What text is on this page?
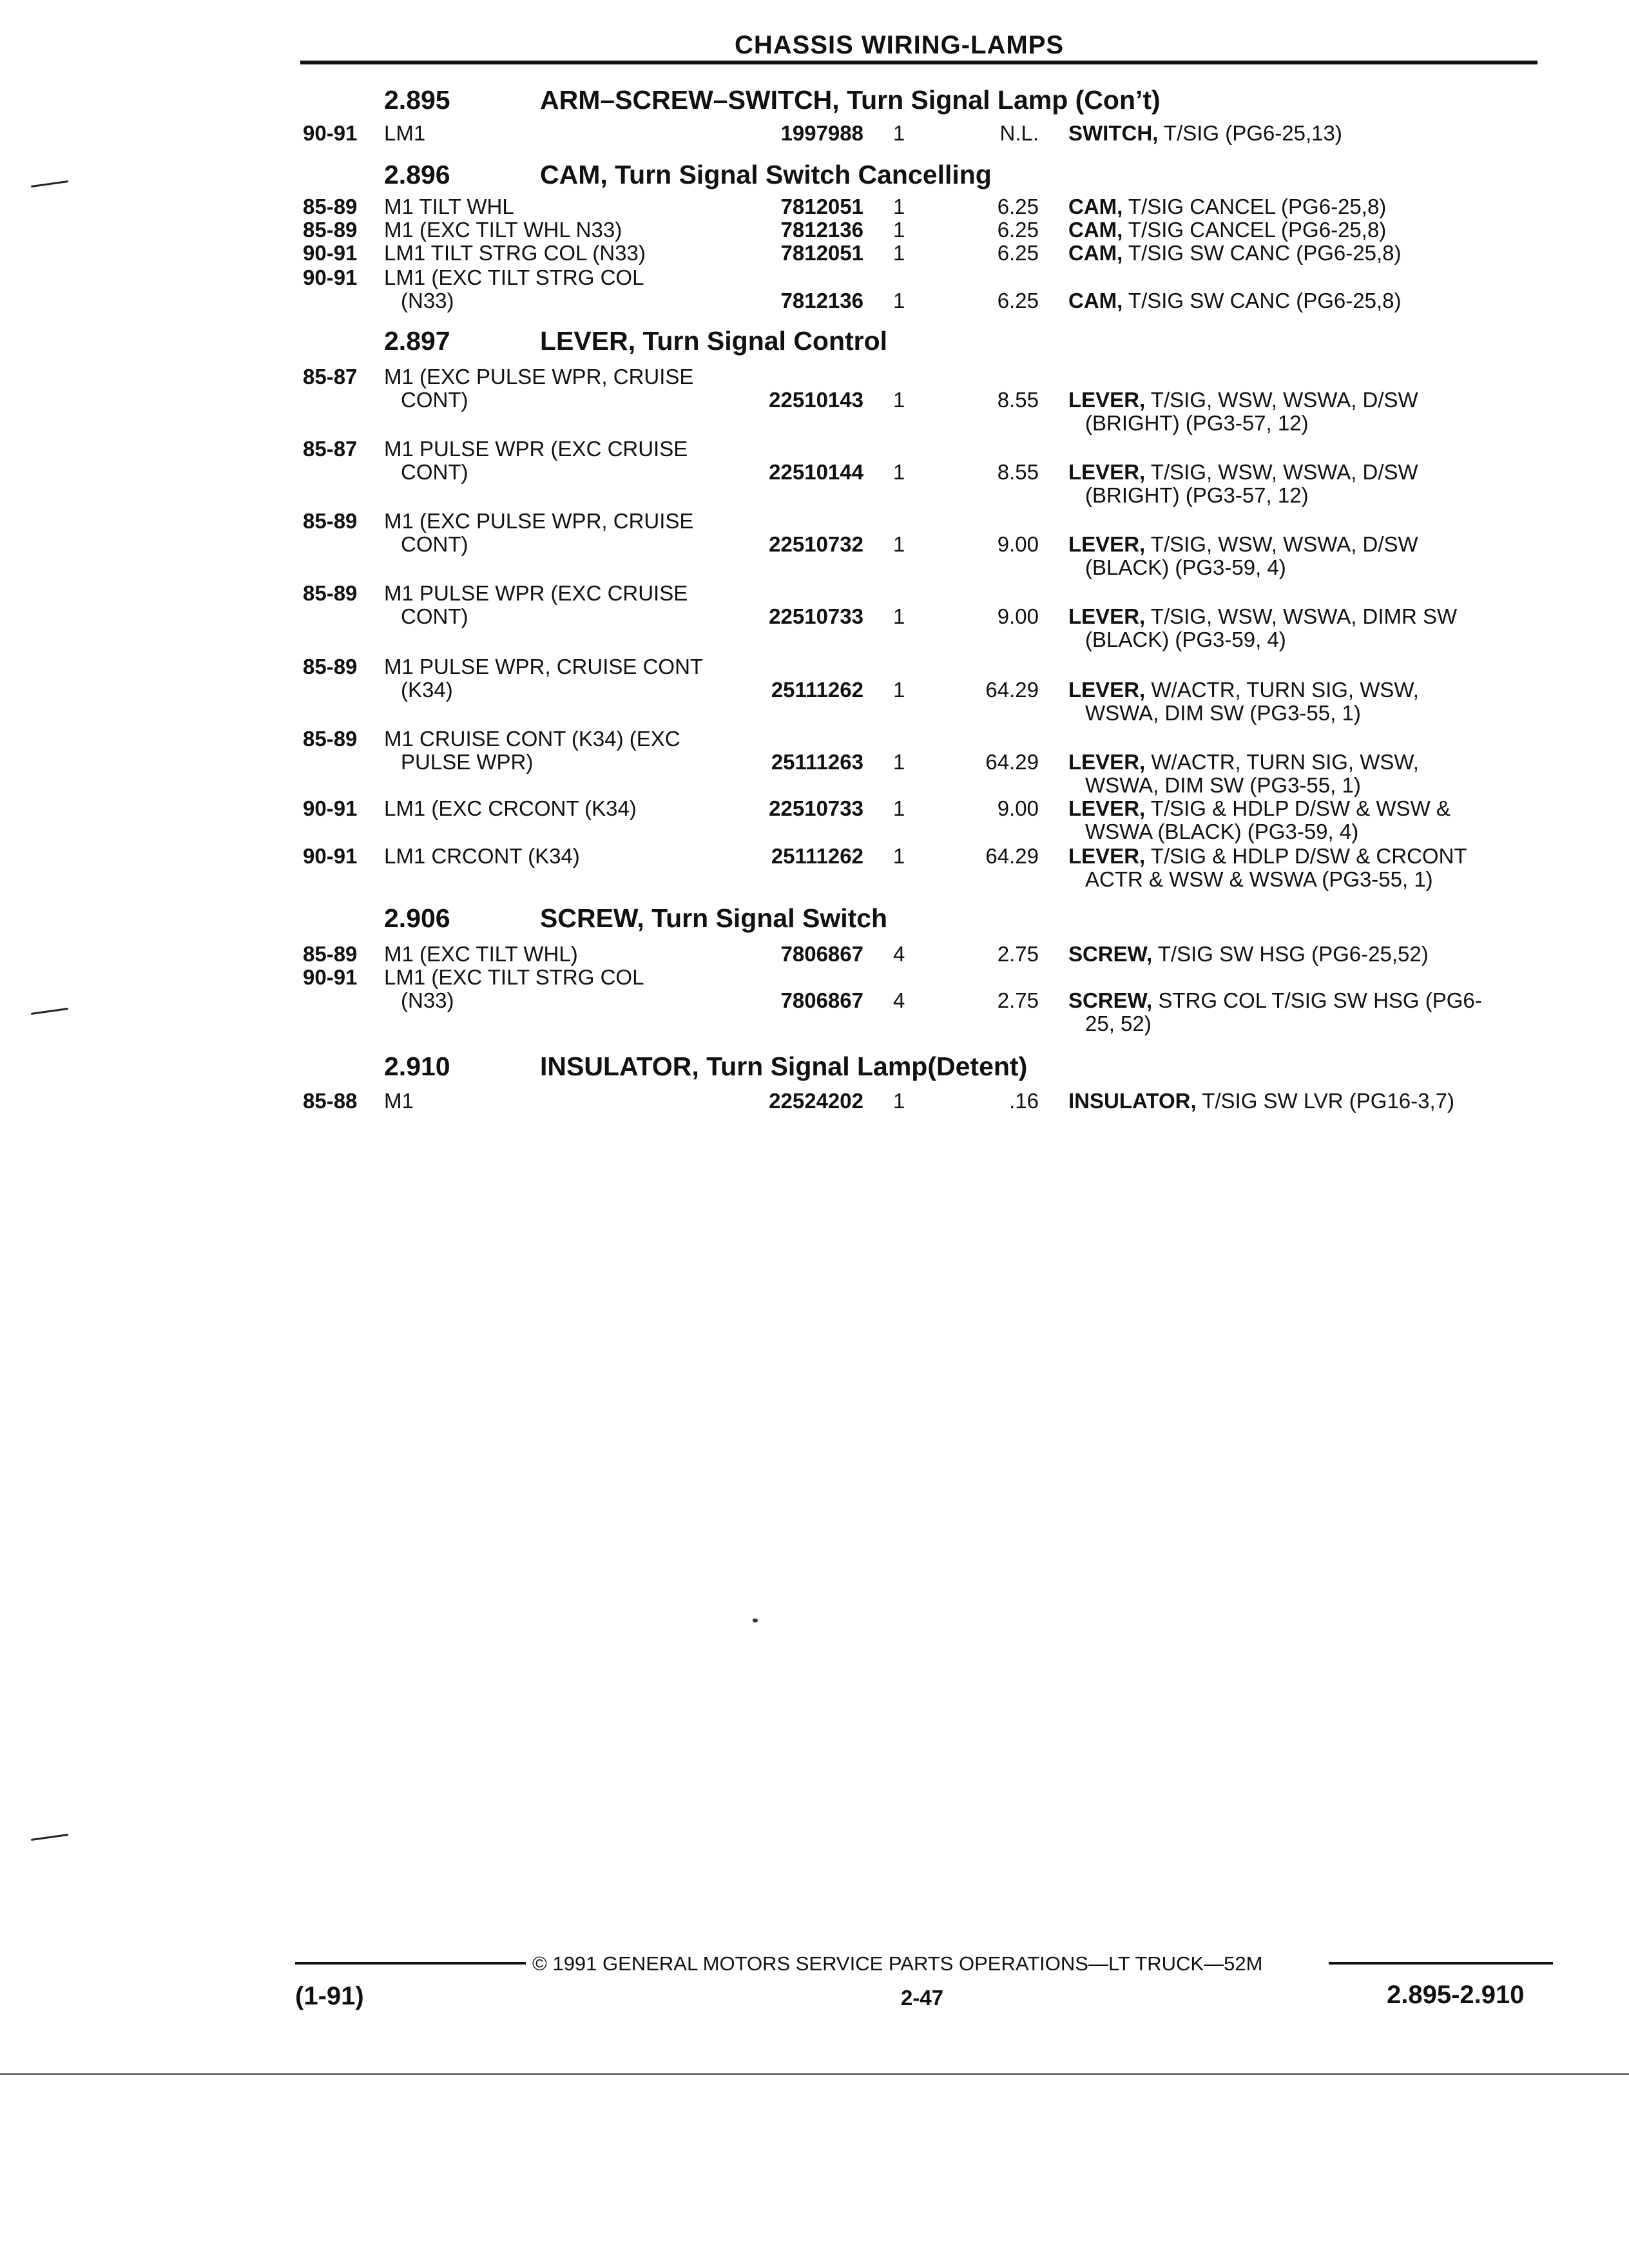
CHASSIS WIRING-LAMPS
2.895	ARM–SCREW–SWITCH, Turn Signal Lamp (Con’t)
90-91 LM1	1997988 1	N.L. SWITCH, T/SIG (PG6-25,13)
2.896	CAM, Turn Signal Switch Cancelling
85-89 M1 TILT WHL	7812051 1	6.25 CAM, T/SIG CANCEL (PG6-25,8)
85-89 M1 (EXC TILT WHL N33)	7812136 1	6.25 CAM, T/SIG CANCEL (PG6-25,8)
90-91 LM1 TILT STRG COL (N33)	7812051 1	6.25 CAM, T/SIG SW CANC (PG6-25,8)
90-91 LM1 (EXC TILT STRG COL
(N33)	7812136 1	6.25 CAM, T/SIG SW CANC (PG6-25,8)
2.897	LEVER, Turn Signal Control
85-87 M1 (EXC PULSE WPR, CRUISE
CONT)	22510143 1	8.55 LEVER, T/SIG, WSW, WSWA, D/SW
(BRIGHT) (PG3-57, 12)
85-87 M1 PULSE WPR (EXC CRUISE
CONT)	22510144 1	8.55 LEVER, T/SIG, WSW, WSWA, D/SW
(BRIGHT) (PG3-57, 12)
85-89 M1 (EXC PULSE WPR, CRUISE
CONT)	22510732 1	9.00 LEVER, T/SIG, WSW, WSWA, D/SW
(BLACK) (PG3-59, 4)
85-89 M1 PULSE WPR (EXC CRUISE
CONT)	22510733 1	9.00 LEVER, T/SIG, WSW, WSWA, DIMR SW
(BLACK) (PG3-59, 4)
85-89 M1 PULSE WPR, CRUISE CONT
(K34)	25111262 1	64.29 LEVER, W/ACTR, TURN SIG, WSW,
WSWA, DIM SW (PG3-55, 1)
85-89 M1 CRUISE CONT (K34) (EXC
PULSE WPR)	25111263 1	64.29 LEVER, W/ACTR, TURN SIG, WSW,
WSWA, DIM SW (PG3-55, 1)
90-91 LM1 (EXC CRCONT (K34)	22510733 1	9.00 LEVER, T/SIG & HDLP D/SW & WSW &
WSWA (BLACK) (PG3-59, 4)
90-91 LM1 CRCONT (K34)	25111262 1	64.29 LEVER, T/SIG & HDLP D/SW & CRCONT
ACTR & WSW & WSWA (PG3-55, 1)
2.906	SCREW, Turn Signal Switch
85-89 M1 (EXC TILT WHL)	7806867 4	2.75 SCREW, T/SIG SW HSG (PG6-25,52)
90-91 LM1 (EXC TILT STRG COL
(N33)	7806867 4	2.75 SCREW, STRG COL T/SIG SW HSG (PG6-
25, 52)
2.910	INSULATOR, Turn Signal Lamp(Detent)
85-88 M1	22524202 1	.16 INSULATOR, T/SIG SW LVR (PG16-3,7)
© 1991 GENERAL MOTORS SERVICE PARTS OPERATIONS—LT TRUCK—52M
(1-91)	2-47	2.895-2.910
